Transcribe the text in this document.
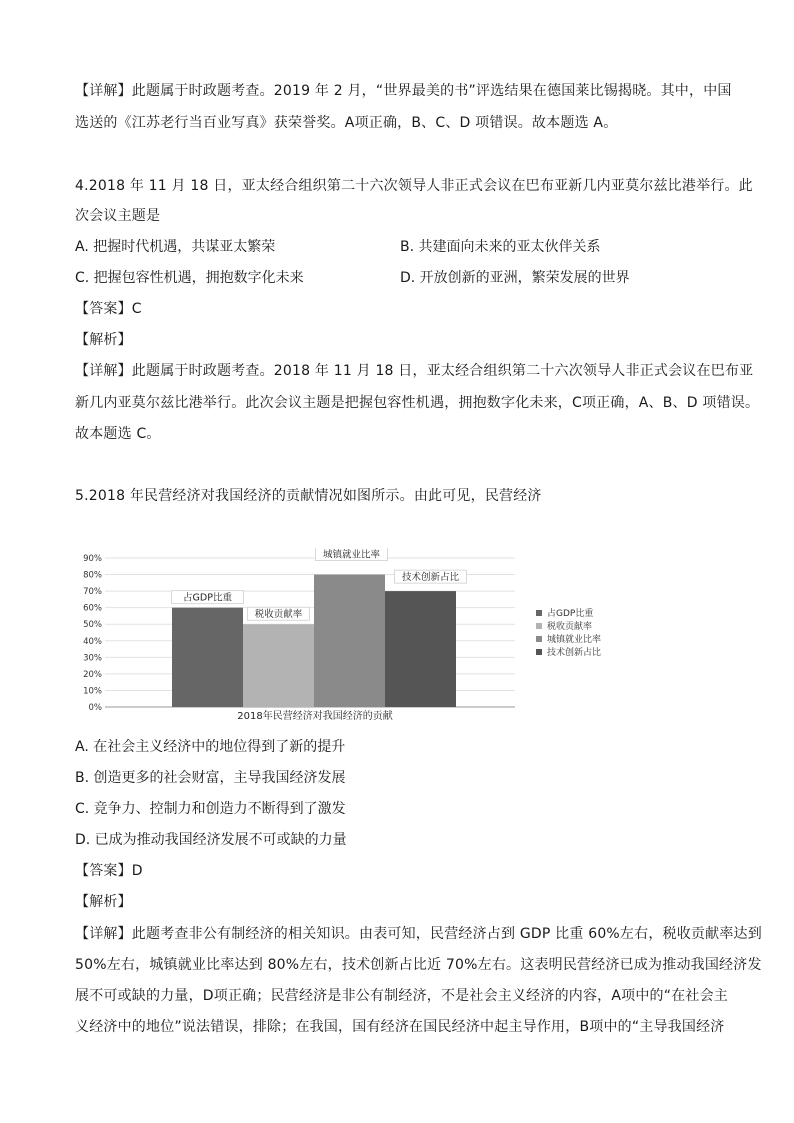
【详解】此题属于时政题考查。2019 年 2 月，“世界最美的书”评选结果在德国莱比锡揭晓。其中，中国
选送的《江苏老行当百业写真》获荣誉奖。A项正确，B、C、D 项错误。故本题选 A。
4.2018 年 11 月 18 日，亚太经合组织第二十六次领导人非正式会议在巴布亚新几内亚莫尔兹比港举行。此
次会议主题是
A. 把握时代机遇，共谋亚太繁荣	B. 共建面向未来的亚太伙伴关系
C. 把握包容性机遇，拥抱数字化未来	D. 开放创新的亚洲，繁荣发展的世界
【答案】C
【解析】
【详解】此题属于时政题考查。2018 年 11 月 18 日，亚太经合组织第二十六次领导人非正式会议在巴布亚
新几内亚莫尔兹比港举行。此次会议主题是把握包容性机遇，拥抱数字化未来，C项正确，A、B、D 项错误。
故本题选 C。
5.2018 年民营经济对我国经济的贡献情况如图所示。由此可见，民营经济
0%
10%
20%
30%
40%
50%
60%
70%
80%
90%
占GDP比重
税收贡献率
城镇就业比率
技术创新占比
占GDP比重
税收贡献率
城镇就业比率
技术创新占比
2018年民营经济对我国经济的贡献
A. 在社会主义经济中的地位得到了新的提升
B. 创造更多的社会财富，主导我国经济发展
C. 竞争力、控制力和创造力不断得到了激发
D. 已成为推动我国经济发展不可或缺的力量
【答案】D
【解析】
【详解】此题考查非公有制经济的相关知识。由表可知，民营经济占到 GDP 比重 60%左右，税收贡献率达到
50%左右，城镇就业比率达到 80%左右，技术创新占比近 70%左右。这表明民营经济已成为推动我国经济发
展不可或缺的力量，D项正确；民营经济是非公有制经济，不是社会主义经济的内容，A项中的“在社会主
义经济中的地位”说法错误，排除；在我国，国有经济在国民经济中起主导作用，B项中的“主导我国经济
